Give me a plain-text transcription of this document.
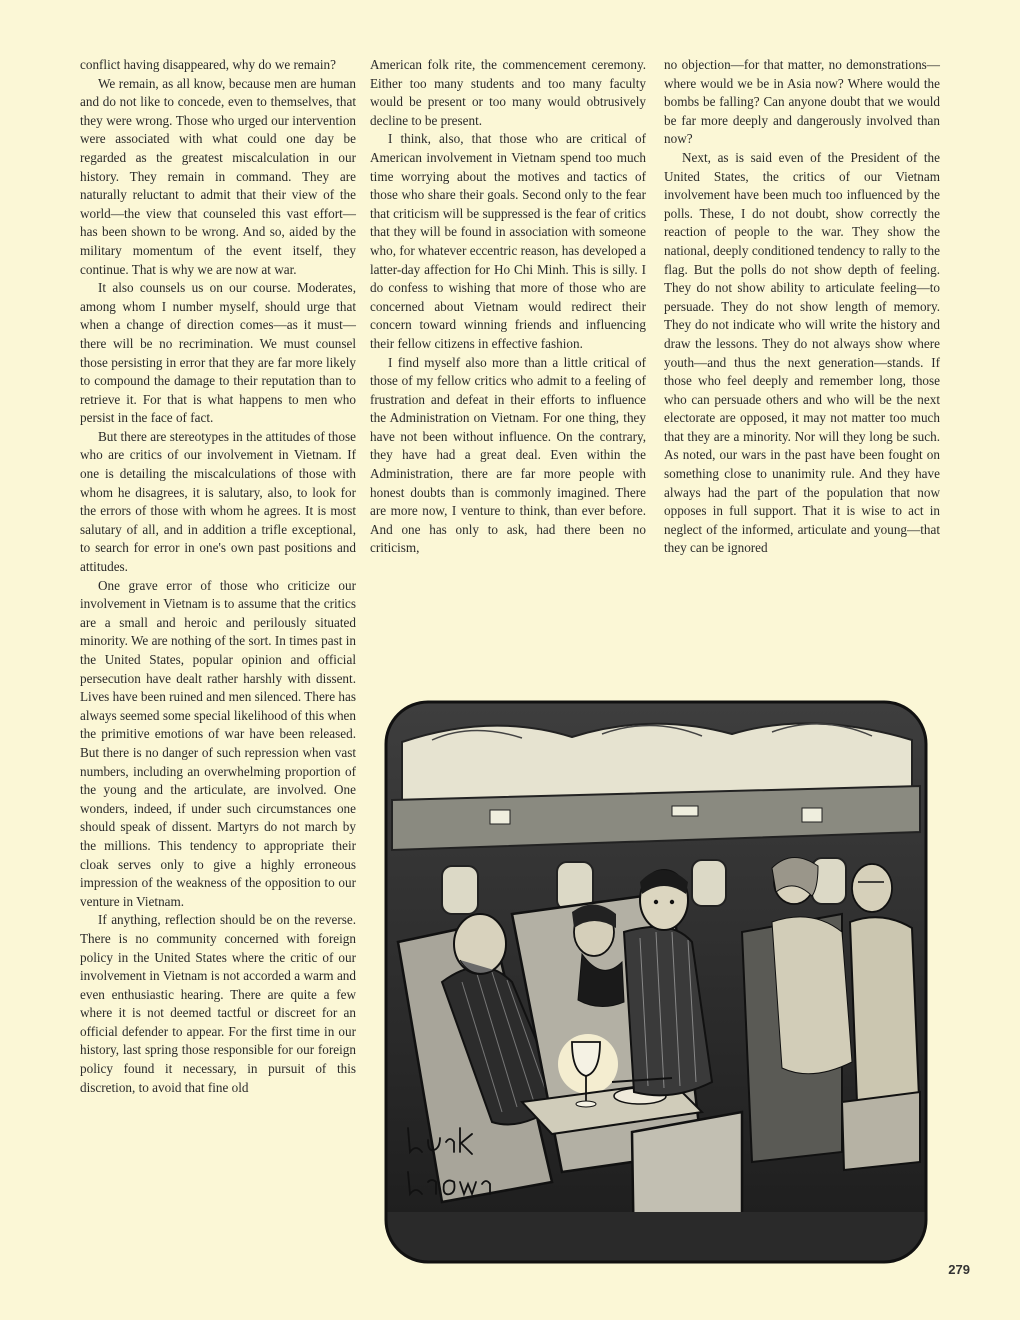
conflict having disappeared, why do we remain?

We remain, as all know, because men are human and do not like to concede, even to themselves, that they were wrong. Those who urged our intervention were associated with what could one day be regarded as the greatest miscalculation in our history. They remain in command. They are naturally reluctant to admit that their view of the world—the view that counseled this vast effort—has been shown to be wrong. And so, aided by the military momentum of the event itself, they continue. That is why we are now at war.

It also counsels us on our course. Moderates, among whom I number myself, should urge that when a change of direction comes—as it must—there will be no recrimination. We must counsel those persisting in error that they are far more likely to compound the damage to their reputation than to retrieve it. For that is what happens to men who persist in the face of fact.

But there are stereotypes in the attitudes of those who are critics of our involvement in Vietnam. If one is detailing the miscalculations of those with whom he disagrees, it is salutary, also, to look for the errors of those with whom he agrees. It is most salutary of all, and in addition a trifle exceptional, to search for error in one's own past positions and attitudes.

One grave error of those who criticize our involvement in Vietnam is to assume that the critics are a small and heroic and perilously situated minority. We are nothing of the sort. In times past in the United States, popular opinion and official persecution have dealt rather harshly with dissent. Lives have been ruined and men silenced. There has always seemed some special likelihood of this when the primitive emotions of war have been released. But there is no danger of such repression when vast numbers, including an overwhelming proportion of the young and the articulate, are involved. One wonders, indeed, if under such circumstances one should speak of dissent. Martyrs do not march by the millions. This tendency to appropriate their cloak serves only to give a highly erroneous impression of the weakness of the opposition to our venture in Vietnam.

If anything, reflection should be on the reverse. There is no community concerned with foreign policy in the United States where the critic of our involvement in Vietnam is not accorded a warm and even enthusiastic hearing. There are quite a few where it is not deemed tactful or discreet for an official defender to appear. For the first time in our history, last spring those responsible for our foreign policy found it necessary, in pursuit of this discretion, to avoid that fine old

American folk rite, the commencement ceremony. Either too many students and too many faculty would be present or too many would obtrusively decline to be present.

I think, also, that those who are critical of American involvement in Vietnam spend too much time worrying about the motives and tactics of those who share their goals. Second only to the fear that criticism will be suppressed is the fear of critics that they will be found in association with someone who, for whatever eccentric reason, has developed a latter-day affection for Ho Chi Minh. This is silly. I do confess to wishing that more of those who are concerned about Vietnam would redirect their concern toward winning friends and influencing their fellow citizens in effective fashion.

I find myself also more than a little critical of those of my fellow critics who admit to a feeling of frustration and defeat in their efforts to influence the Administration on Vietnam. For one thing, they have not been without influence. On the contrary, they have had a great deal. Even within the Administration, there are far more people with honest doubts than is commonly imagined. There are more now, I venture to think, than ever before. And one has only to ask, had there been no criticism,

no objection—for that matter, no demonstrations—where would we be in Asia now? Where would the bombs be falling? Can anyone doubt that we would be far more deeply and dangerously involved than now?

Next, as is said even of the President of the United States, the critics of our Vietnam involvement have been much too influenced by the polls. These, I do not doubt, show correctly the reaction of people to the war. They show the national, deeply conditioned tendency to rally to the flag. But the polls do not show depth of feeling. They do not show ability to articulate feeling—to persuade. They do not show length of memory. They do not indicate who will write the history and draw the lessons. They do not always show where youth—and thus the next generation—stands. If those who feel deeply and remember long, those who can persuade others and who will be the next electorate are opposed, it may not matter too much that they are a minority. Nor will they long be such. As noted, our wars in the past have been fought on something close to unanimity rule. And they have always had the part of the population that now opposes in full support. That it is wise to act in neglect of the informed, articulate and young—that they can be ignored

279
